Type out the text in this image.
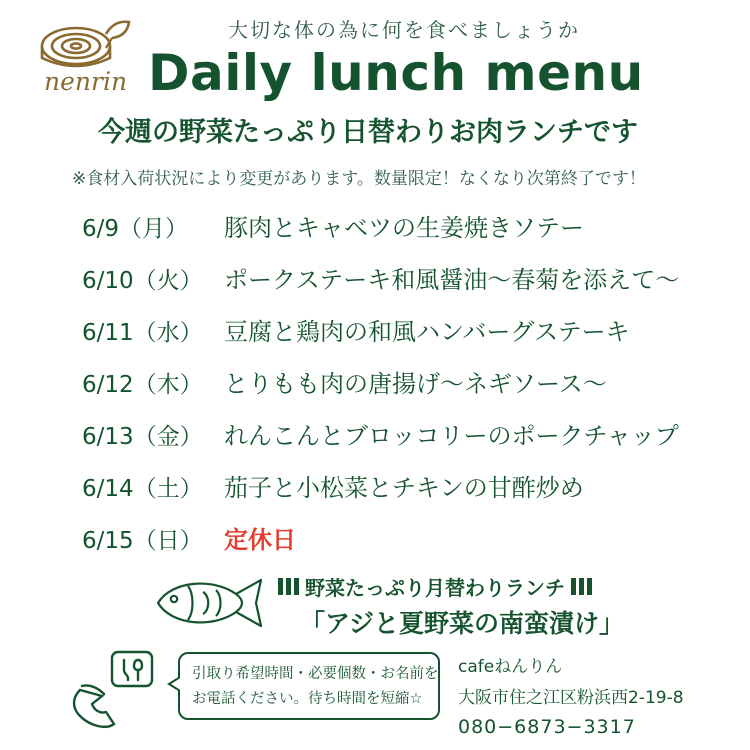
nenrin
大切な体の為に何を食べましょうか
Daily lunch menu
今週の野菜たっぷり日替わりお肉ランチです
※食材入荷状況により変更があります。数量限定！なくなり次第終了です！
6/9（月）	豚肉とキャベツの生姜焼きソテー
6/10（火） ポークステーキ和風醤油〜春菊を添えて〜
6/11（水） 豆腐と鶏肉の和風ハンバーグステーキ
6/12（木） とりもも肉の唐揚げ〜ネギソース〜
6/13（金） れんこんとブロッコリーのポークチャップ
6/14（土） 茄子と小松菜とチキンの甘酢炒め
6/15（日） 定休日
野菜たっぷり月替わりランチ
「アジと夏野菜の南蛮漬け」
引取り希望時間・必要個数・お名前を
お電話ください。待ち時間を短縮☆
cafeねんりん
大阪市住之江区粉浜西2-19-8
080−6873−3317
